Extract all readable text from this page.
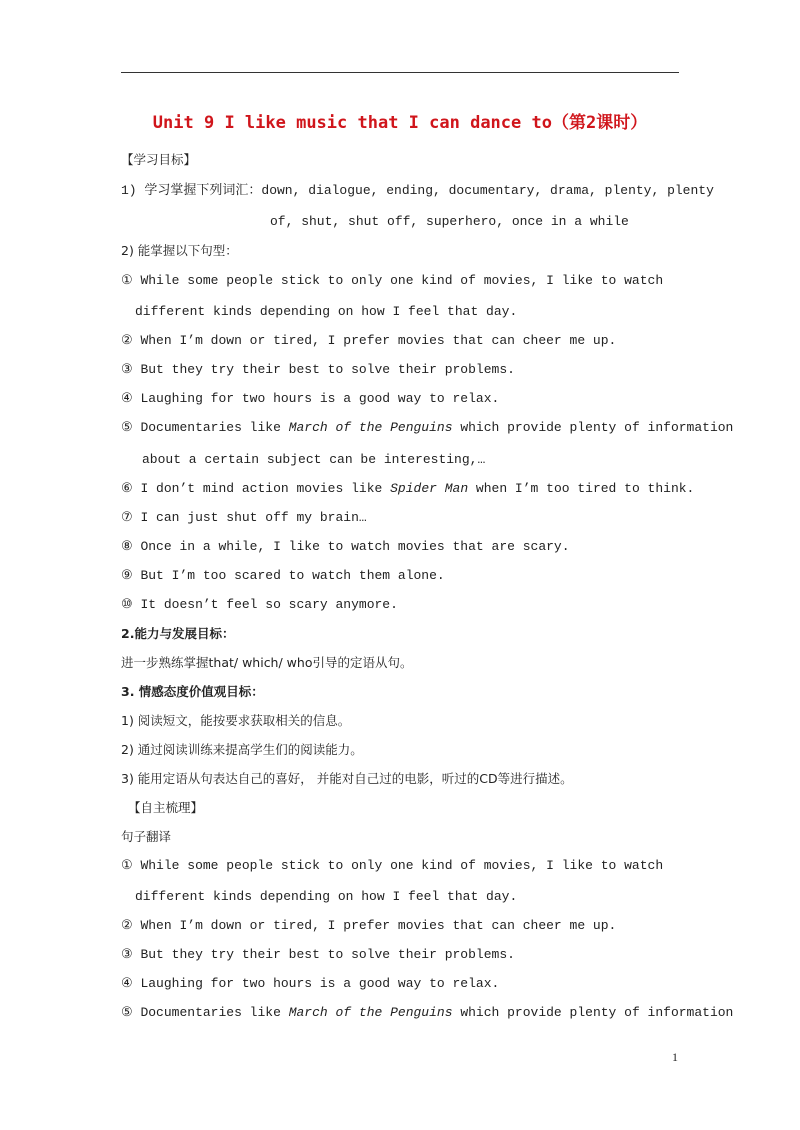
Unit 9 I like music that I can dance to（第2课时）
【学习目标】
1) 学习掌握下列词汇：down, dialogue, ending, documentary, drama, plenty, plenty
of, shut, shut off, superhero, once in a while
2) 能掌握以下句型：
① While some people stick to only one kind of movies, I like to watch
different kinds depending on how I feel that day.
② When I’m down or tired, I prefer movies that can cheer me up.
③ But they try their best to solve their problems.
④ Laughing for two hours is a good way to relax.
⑤ Documentaries like March of the Penguins which provide plenty of information
about a certain subject can be interesting,…
⑥ I don’t mind action movies like Spider Man when I’m too tired to think.
⑦ I can just shut off my brain…
⑧ Once in a while, I like to watch movies that are scary.
⑨ But I’m too scared to watch them alone.
⑩ It doesn’t feel so scary anymore.
2.能力与发展目标：
进一步熟练掌握that/ which/ who引导的定语从句。
3. 情感态度价值观目标：
1) 阅读短文，能按要求获取相关的信息。
2) 通过阅读训练来提高学生们的阅读能力。
3) 能用定语从句表达自己的喜好， 并能对自己过的电影，听过的CD等进行描述。
【自主梳理】
句子翻译
① While some people stick to only one kind of movies, I like to watch
different kinds depending on how I feel that day.
② When I’m down or tired, I prefer movies that can cheer me up.
③ But they try their best to solve their problems.
④ Laughing for two hours is a good way to relax.
⑤ Documentaries like March of the Penguins which provide plenty of information
1
